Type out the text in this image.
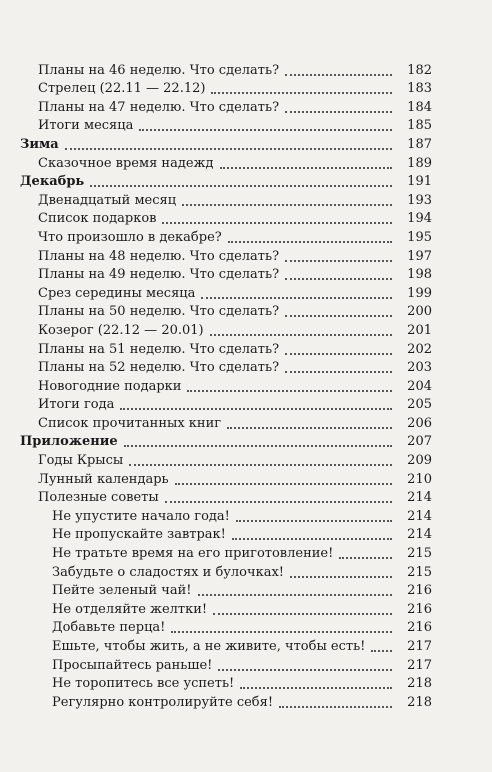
Планы на 46 неделю. Что сделать?	182
Стрелец (22.11 — 22.12)	183
Планы на 47 неделю. Что сделать?	184
Итоги месяца	185
Зима	187
Сказочное время надежд	189
Декабрь	191
Двенадцатый месяц	193
Список подарков	194
Что произошло в декабре?	195
Планы на 48 неделю. Что сделать?	197
Планы на 49 неделю. Что сделать?	198
Срез середины месяца	199
Планы на 50 неделю. Что сделать?	200
Козерог (22.12 — 20.01)	201
Планы на 51 неделю. Что сделать?	202
Планы на 52 неделю. Что сделать?	203
Новогодние подарки	204
Итоги года	205
Список прочитанных книг	206
Приложение	207
Годы Крысы	209
Лунный календарь	210
Полезные советы	214
Не упустите начало года!	214
Не пропускайте завтрак!	214
Не тратьте время на его приготовление!	215
Забудьте о сладостях и булочках!	215
Пейте зеленый чай!	216
Не отделяйте желтки!	216
Добавьте перца!	216
Ешьте, чтобы жить, а не живите, чтобы есть!	217
Просыпайтесь раньше!	217
Не торопитесь все успеть!	218
Регулярно контролируйте себя!	218
